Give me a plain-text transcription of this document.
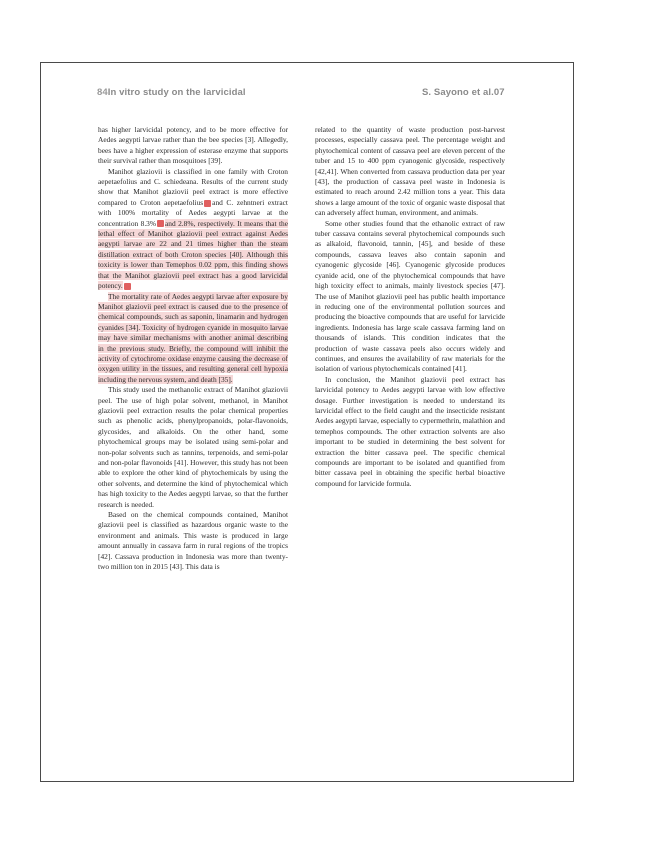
84In vitro study on the larvicidal	S. Sayono et al.07

has higher larvicidal potency, and to be more effective for Aedes aegypti larvae rather than the bee species [3]. Allegedly, bees have a higher expression of esterase enzyme that supports their survival rather than mosquitoes [39].

Manihot glaziovii is classified in one family with Croton aepetaefolius and C. schiedeana. Results of the current study show that Manihot glaziovii peel extract is more effective compared to Croton aepetaefolius and C. zehntneri extract with 100% mortality of Aedes aegypti larvae at the concentration 8.3% and 2.8%, respectively. It means that the lethal effect of Manihot glaziovii peel extract against Aedes aegypti larvae are 22 and 21 times higher than the steam distillation extract of both Croton species [40]. Although this toxicity is lower than Temephos 0.02 ppm, this finding shows that the Manihot glaziovii peel extract has a good larvicidal potency.

The mortality rate of Aedes aegypti larvae after exposure by Manihot glaziovii peel extract is caused due to the presence of chemical compounds, such as saponin, linamarin and hydrogen cyanides [34]. Toxicity of hydrogen cyanide in mosquito larvae may have similar mechanisms with another animal describing in the previous study. Briefly, the compound will inhibit the activity of cytochrome oxidase enzyme causing the decrease of oxygen utility in the tissues, and resulting general cell hypoxia including the nervous system, and death [35].

This study used the methanolic extract of Manihot glaziovii peel. The use of high polar solvent, methanol, in Manihot glaziovii peel extraction results the polar chemical properties such as phenolic acids, phenylpropanoids, polar-flavonoids, glycosides, and alkaloids. On the other hand, some phytochemical groups may be isolated using semi-polar and non-polar solvents such as tannins, terpenoids, and semi-polar and non-polar flavonoids [41]. However, this study has not been able to explore the other kind of phytochemicals by using the other solvents, and determine the kind of phytochemical which has high toxicity to the Aedes aegypti larvae, so that the further research is needed.

Based on the chemical compounds contained, Manihot glaziovii peel is classified as hazardous organic waste to the environment and animals. This waste is produced in large amount annually in cassava farm in rural regions of the tropics [42]. Cassava production in Indonesia was more than twenty-two million ton in 2015 [43]. This data is

related to the quantity of waste production post-harvest processes, especially cassava peel. The percentage weight and phytochemical content of cassava peel are eleven percent of the tuber and 15 to 400 ppm cyanogenic glycoside, respectively [42,41]. When converted from cassava production data per year [43], the production of cassava peel waste in Indonesia is estimated to reach around 2.42 million tons a year. This data shows a large amount of the toxic of organic waste disposal that can adversely affect human, environment, and animals.

Some other studies found that the ethanolic extract of raw tuber cassava contains several phytochemical compounds such as alkaloid, flavonoid, tannin, [45], and beside of these compounds, cassava leaves also contain saponin and cyanogenic glycoside [46]. Cyanogenic glycoside produces cyanide acid, one of the phytochemical compounds that have high toxicity effect to animals, mainly livestock species [47]. The use of Manihot glaziovii peel has public health importance in reducing one of the environmental pollution sources and producing the bioactive compounds that are useful for larvicide ingredients. Indonesia has large scale cassava farming land on thousands of islands. This condition indicates that the production of waste cassava peels also occurs widely and continues, and ensures the availability of raw materials for the isolation of various phytochemicals contained [41].

In conclusion, the Manihot glaziovii peel extract has larvicidal potency to Aedes aegypti larvae with low effective dosage. Further investigation is needed to understand its larvicidal effect to the field caught and the insecticide resistant Aedes aegypti larvae, especially to cypermethrin, malathion and temephos compounds. The other extraction solvents are also important to be studied in determining the best solvent for extraction the bitter cassava peel. The specific chemical compounds are important to be isolated and quantified from bitter cassava peel in obtaining the specific herbal bioactive compound for larvicide formula.
